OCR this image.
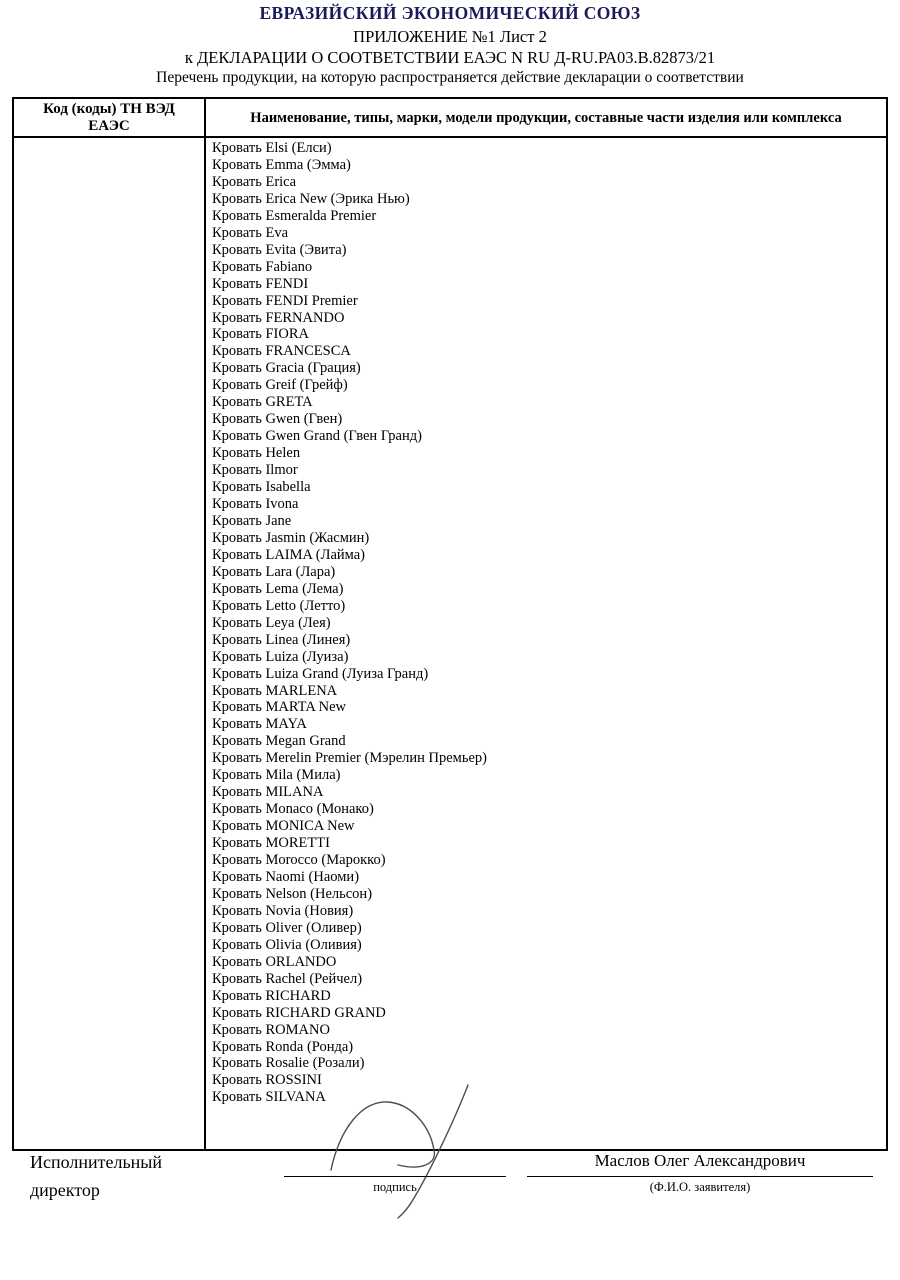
ЕВРАЗИЙСКИЙ ЭКОНОМИЧЕСКИЙ СОЮЗ
ПРИЛОЖЕНИЕ №1 Лист 2
к ДЕКЛАРАЦИИ О СООТВЕТСТВИИ ЕАЭС N RU Д-RU.РА03.В.82873/21
Перечень продукции, на которую распространяется действие декларации о соответствии
Код (коды) ТН ВЭД ЕАЭС	Наименование, типы, марки, модели продукции, составные части изделия или комплекса
Кровать Elsi (Елси)
Кровать Emma (Эмма)
Кровать Erica
Кровать Erica New (Эрика Нью)
Кровать Esmeralda Premier
Кровать Eva
Кровать Evita (Эвита)
Кровать Fabiano
Кровать FENDI
Кровать FENDI Premier
Кровать FERNANDO
Кровать FIORA
Кровать FRANCESCA
Кровать Gracia (Грация)
Кровать Greif (Грейф)
Кровать GRETA
Кровать Gwen (Гвен)
Кровать Gwen Grand (Гвен Гранд)
Кровать Helen
Кровать Ilmor
Кровать Isabella
Кровать Ivona
Кровать Jane
Кровать Jasmin (Жасмин)
Кровать LAIMA (Лайма)
Кровать Lara (Лара)
Кровать Lema (Лема)
Кровать Letto (Летто)
Кровать Leya (Лея)
Кровать Linea (Линея)
Кровать Luiza (Луиза)
Кровать Luiza Grand (Луиза Гранд)
Кровать MARLENA
Кровать MARTA New
Кровать MAYA
Кровать Megan Grand
Кровать Merelin Premier (Мэрелин Премьер)
Кровать Mila (Мила)
Кровать MILANA
Кровать Monaco (Монако)
Кровать MONICA New
Кровать MORETTI
Кровать Morocco (Марокко)
Кровать Naomi (Наоми)
Кровать Nelson (Нельсон)
Кровать Novia (Новия)
Кровать Oliver (Оливер)
Кровать Olivia (Оливия)
Кровать ORLANDO
Кровать Rachel (Рейчел)
Кровать RICHARD
Кровать RICHARD GRAND
Кровать ROMANO
Кровать Ronda (Ронда)
Кровать Rosalie (Розали)
Кровать ROSSINI
Кровать SILVANA
Исполнительный директор	подпись
Маслов Олег Александрович
(Ф.И.О. заявителя)
